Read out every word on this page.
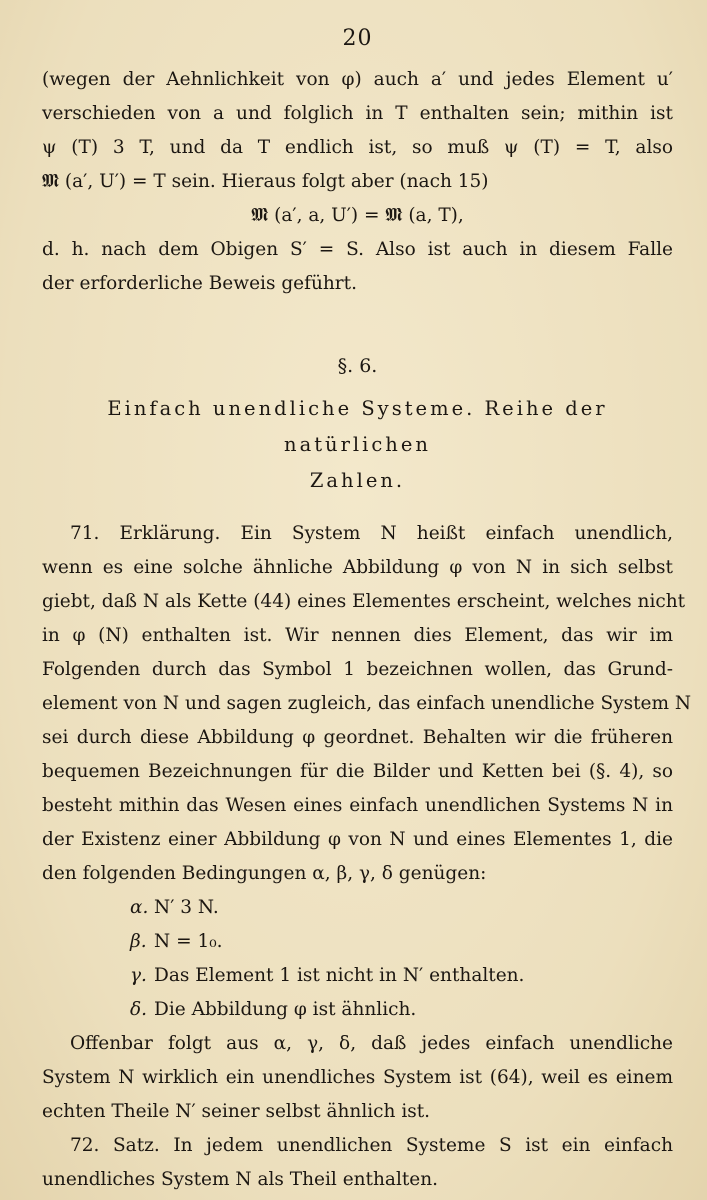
20

(wegen der Aehnlichkeit von φ) auch a′ und jedes Element u′
verschieden von a und folglich in T enthalten sein; mithin ist
ψ (T) 3 T, und da T endlich ist, so muß ψ (T) = T, also
𝕸 (a′, U′) = T sein. Hieraus folgt aber (nach 15)
𝕸 (a′, a, U′) = 𝕸 (a, T),
d. h. nach dem Obigen S′ = S. Also ist auch in diesem Falle
der erforderliche Beweis geführt.

§. 6.
Einfach unendliche Systeme. Reihe der natürlichen
Zahlen.

71. Erklärung. Ein System N heißt einfach unendlich,
wenn es eine solche ähnliche Abbildung φ von N in sich selbst
giebt, daß N als Kette (44) eines Elementes erscheint, welches nicht
in φ (N) enthalten ist. Wir nennen dies Element, das wir im
Folgenden durch das Symbol 1 bezeichnen wollen, das Grund-
element von N und sagen zugleich, das einfach unendliche System N
sei durch diese Abbildung φ geordnet. Behalten wir die früheren
bequemen Bezeichnungen für die Bilder und Ketten bei (§. 4), so
besteht mithin das Wesen eines einfach unendlichen Systems N in
der Existenz einer Abbildung φ von N und eines Elementes 1, die
den folgenden Bedingungen α, β, γ, δ genügen:

α. N′ 3 N.
β. N = 1₀.
γ. Das Element 1 ist nicht in N′ enthalten.
δ. Die Abbildung φ ist ähnlich.

Offenbar folgt aus α, γ, δ, daß jedes einfach unendliche
System N wirklich ein unendliches System ist (64), weil es einem
echten Theile N′ seiner selbst ähnlich ist.

72. Satz. In jedem unendlichen Systeme S ist ein einfach
unendliches System N als Theil enthalten.
